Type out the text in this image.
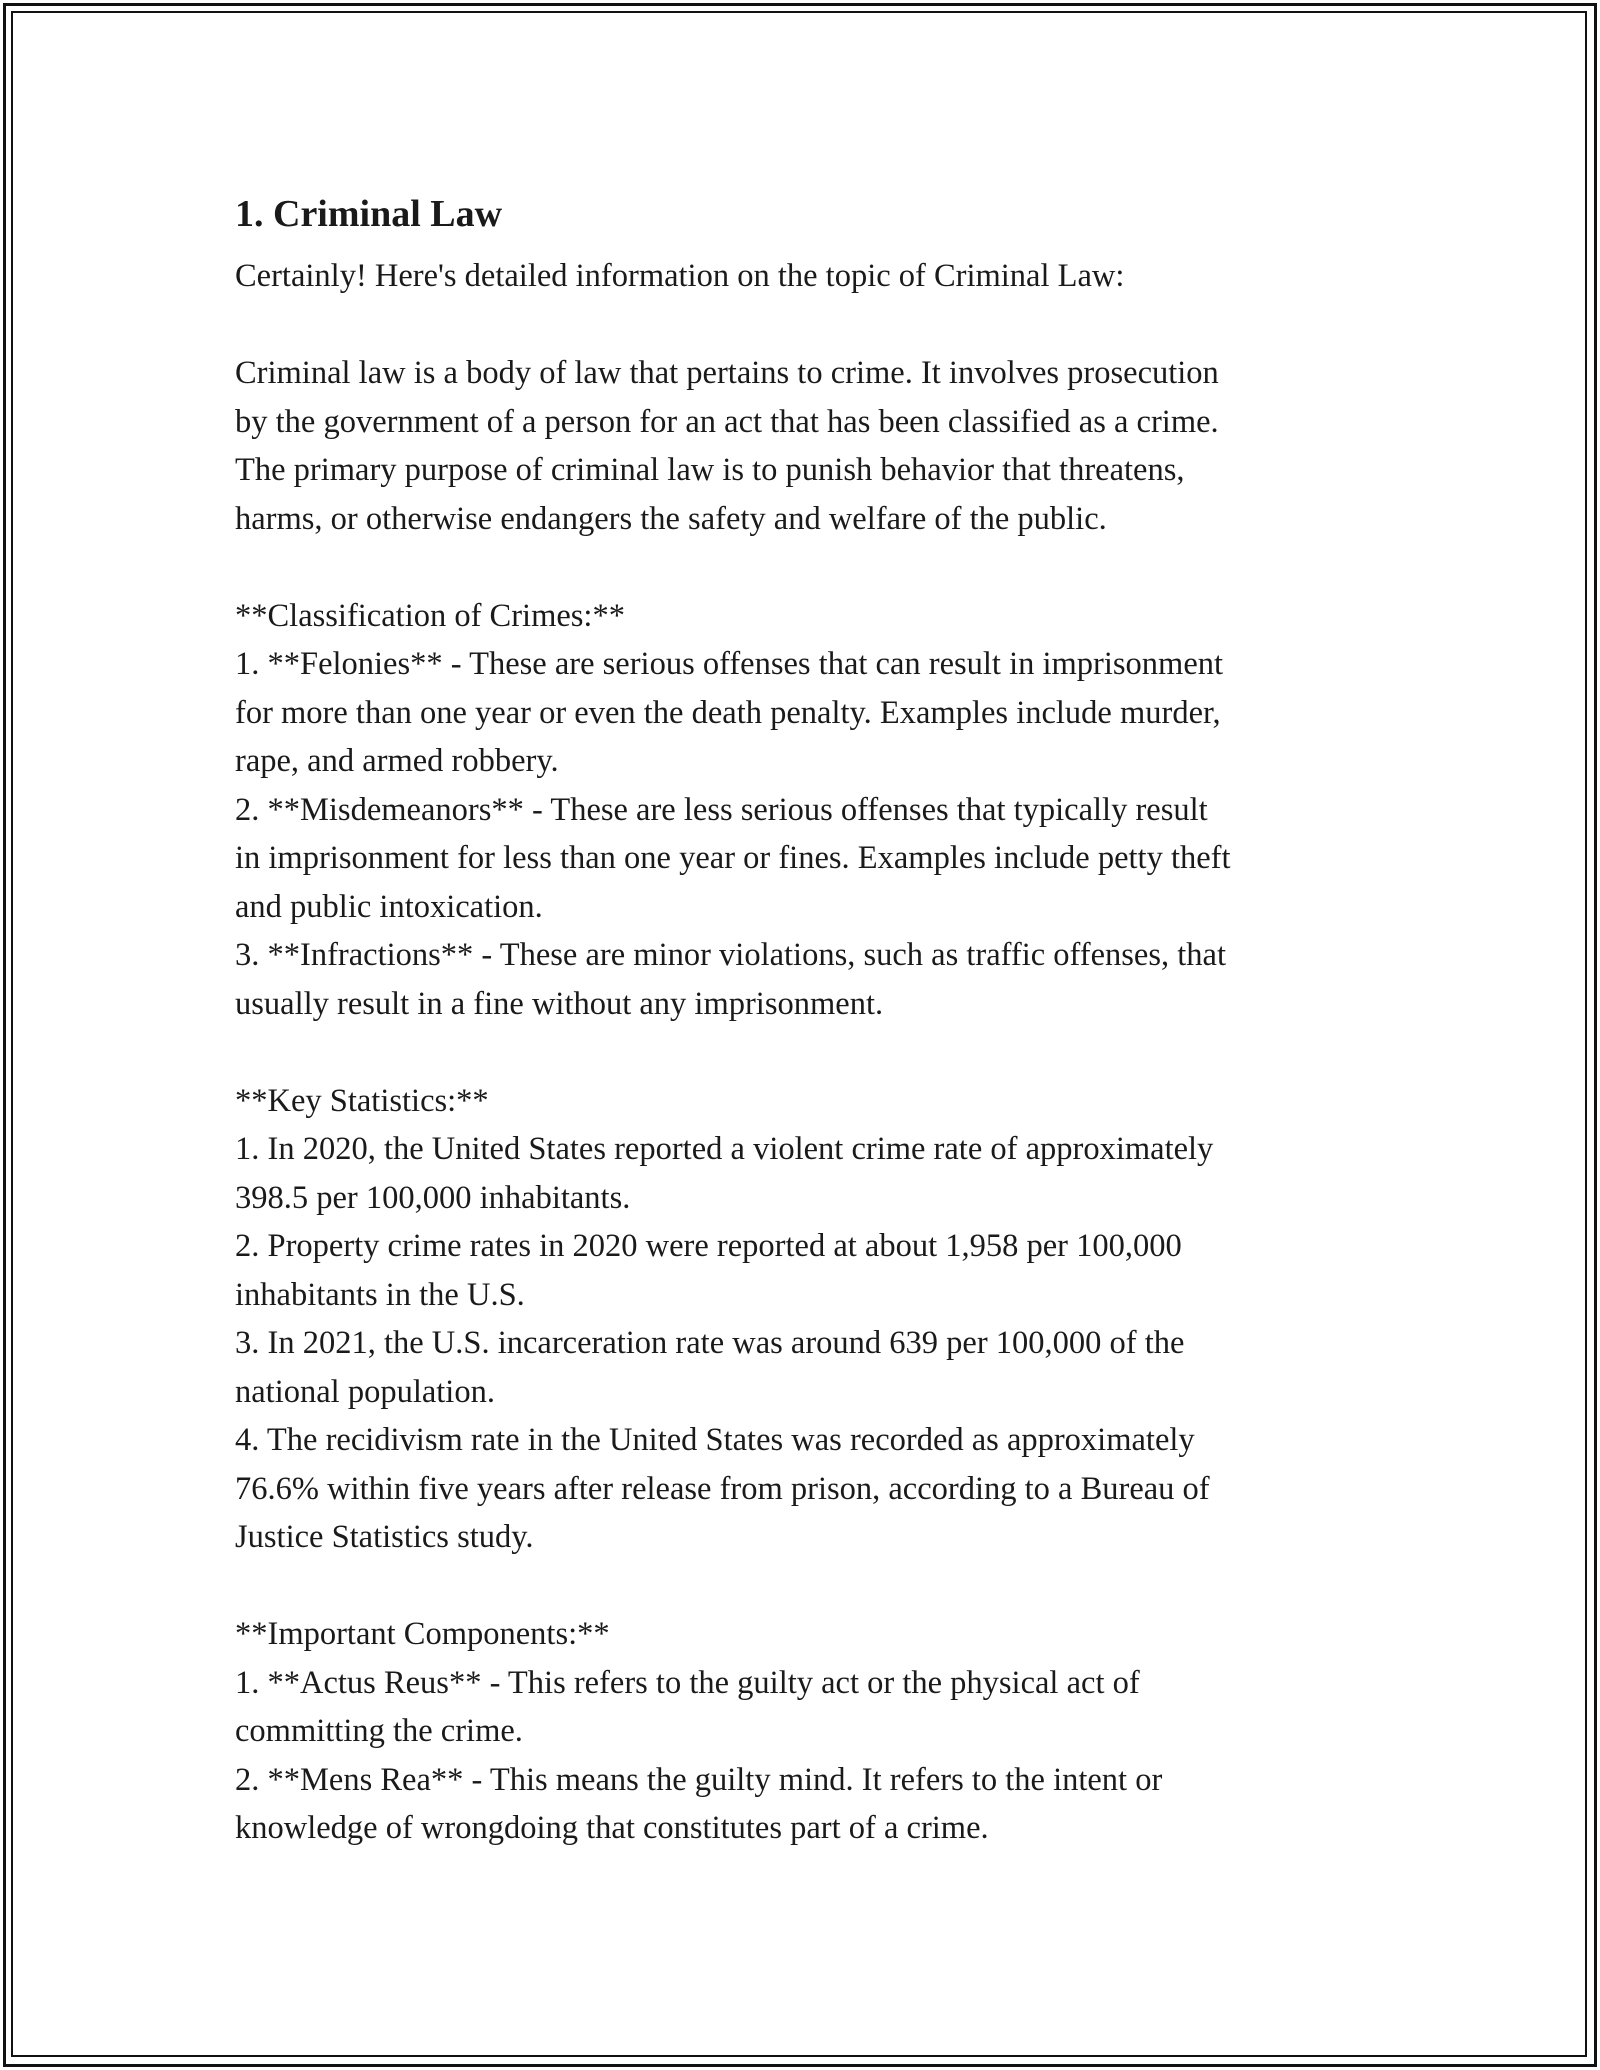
1. Criminal Law
Certainly! Here's detailed information on the topic of Criminal Law:
Criminal law is a body of law that pertains to crime. It involves prosecution
by the government of a person for an act that has been classified as a crime.
The primary purpose of criminal law is to punish behavior that threatens,
harms, or otherwise endangers the safety and welfare of the public.
**Classification of Crimes:**
1. **Felonies** - These are serious offenses that can result in imprisonment
for more than one year or even the death penalty. Examples include murder,
rape, and armed robbery.
2. **Misdemeanors** - These are less serious offenses that typically result
in imprisonment for less than one year or fines. Examples include petty theft
and public intoxication.
3. **Infractions** - These are minor violations, such as traffic offenses, that
usually result in a fine without any imprisonment.
**Key Statistics:**
1. In 2020, the United States reported a violent crime rate of approximately
398.5 per 100,000 inhabitants.
2. Property crime rates in 2020 were reported at about 1,958 per 100,000
inhabitants in the U.S.
3. In 2021, the U.S. incarceration rate was around 639 per 100,000 of the
national population.
4. The recidivism rate in the United States was recorded as approximately
76.6% within five years after release from prison, according to a Bureau of
Justice Statistics study.
**Important Components:**
1. **Actus Reus** - This refers to the guilty act or the physical act of
committing the crime.
2. **Mens Rea** - This means the guilty mind. It refers to the intent or
knowledge of wrongdoing that constitutes part of a crime.
